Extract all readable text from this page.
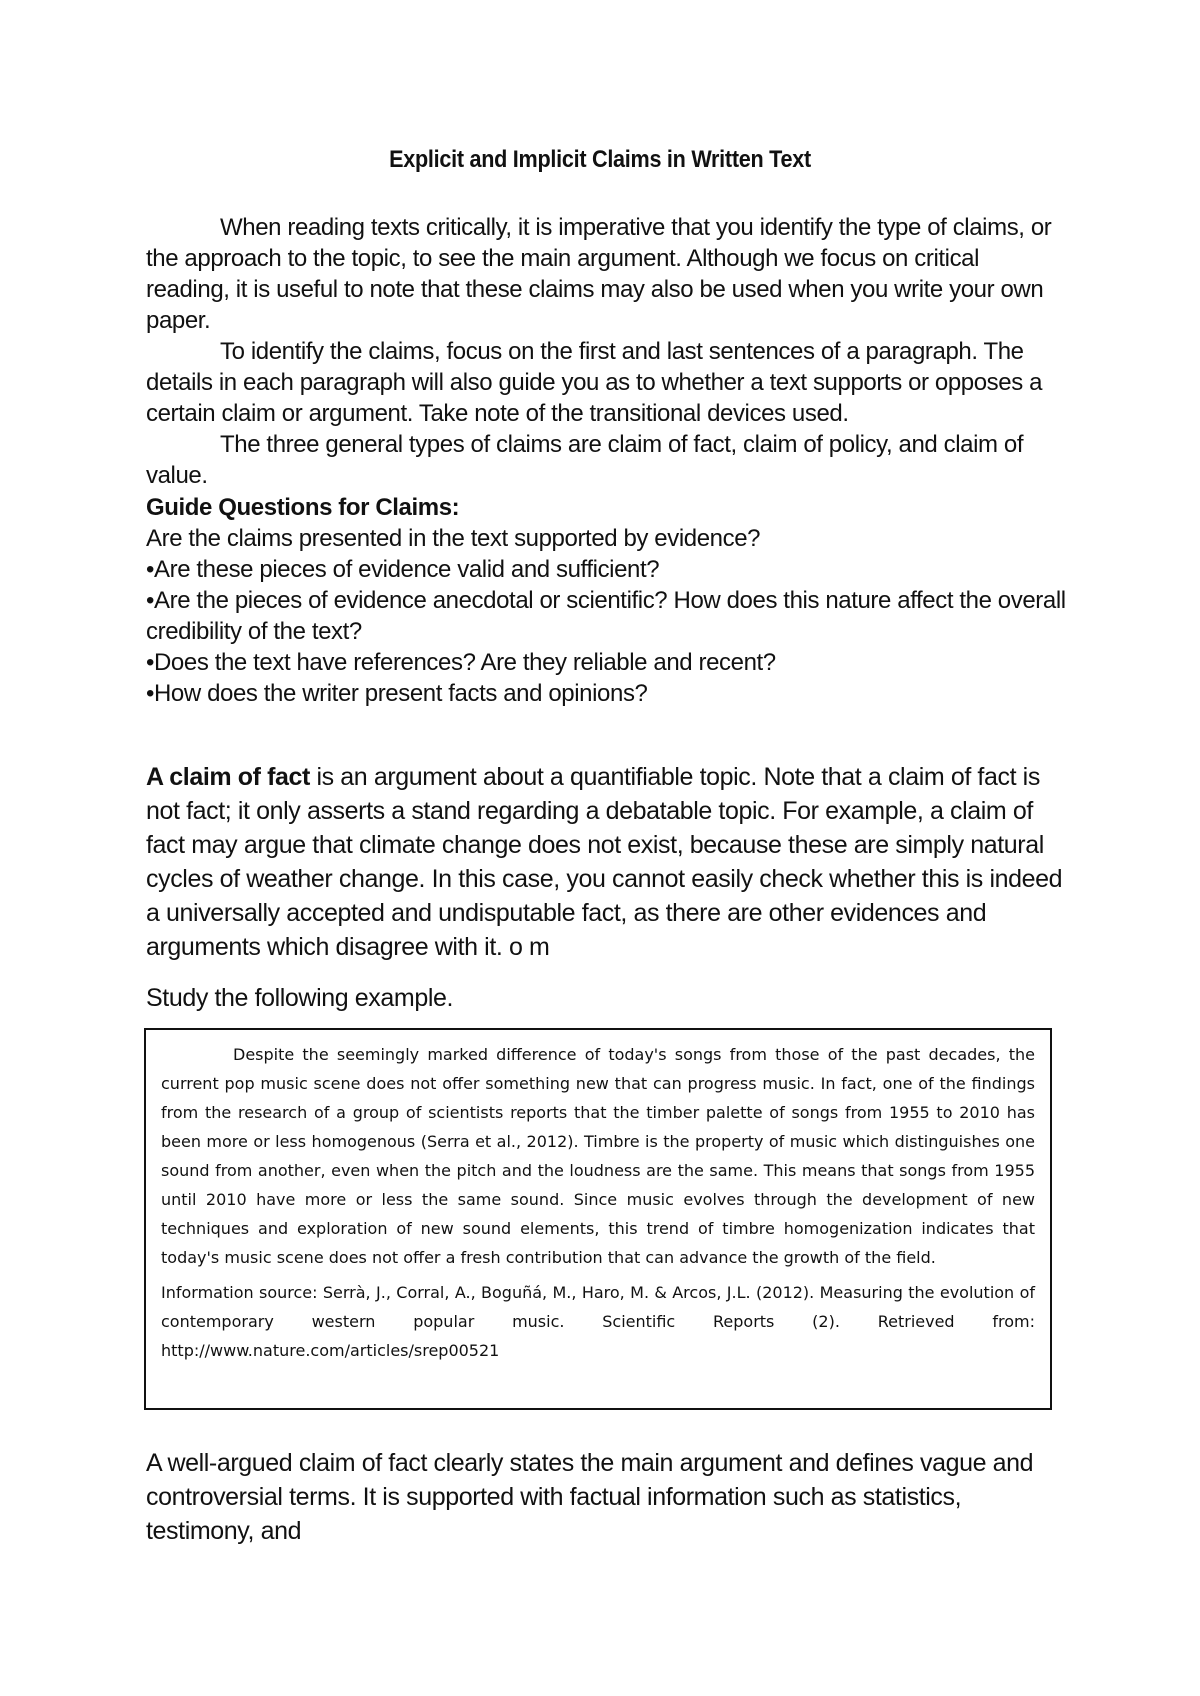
Explicit and Implicit Claims in Written Text

When reading texts critically, it is imperative that you identify the type of claims, or the approach to the topic, to see the main argument. Although we focus on critical reading, it is useful to note that these claims may also be used when you write your own paper.

To identify the claims, focus on the first and last sentences of a paragraph. The details in each paragraph will also guide you as to whether a text supports or opposes a certain claim or argument. Take note of the transitional devices used.

The three general types of claims are claim of fact, claim of policy, and claim of value.

Guide Questions for Claims:
Are the claims presented in the text supported by evidence?
•Are these pieces of evidence valid and sufficient?
•Are the pieces of evidence anecdotal or scientific? How does this nature affect the overall credibility of the text?
•Does the text have references? Are they reliable and recent?
•How does the writer present facts and opinions?

A claim of fact is an argument about a quantifiable topic. Note that a claim of fact is not fact; it only asserts a stand regarding a debatable topic. For example, a claim of fact may argue that climate change does not exist, because these are simply natural cycles of weather change. In this case, you cannot easily check whether this is indeed a universally accepted and undisputable fact, as there are other evidences and arguments which disagree with it. o m

Study the following example.

Despite the seemingly marked difference of today's songs from those of the past decades, the current pop music scene does not offer something new that can progress music. In fact, one of the findings from the research of a group of scientists reports that the timber palette of songs from 1955 to 2010 has been more or less homogenous (Serra et al., 2012). Timbre is the property of music which distinguishes one sound from another, even when the pitch and the loudness are the same. This means that songs from 1955 until 2010 have more or less the same sound. Since music evolves through the development of new techniques and exploration of new sound elements, this trend of timbre homogenization indicates that today's music scene does not offer a fresh contribution that can advance the growth of the field.

Information source: Serrà, J., Corral, A., Boguñá, M., Haro, M. & Arcos, J.L. (2012). Measuring the evolution of contemporary western popular music. Scientific Reports (2). Retrieved from: http://www.nature.com/articles/srep00521

A well-argued claim of fact clearly states the main argument and defines vague and controversial terms. It is supported with factual information such as statistics, testimony, and
